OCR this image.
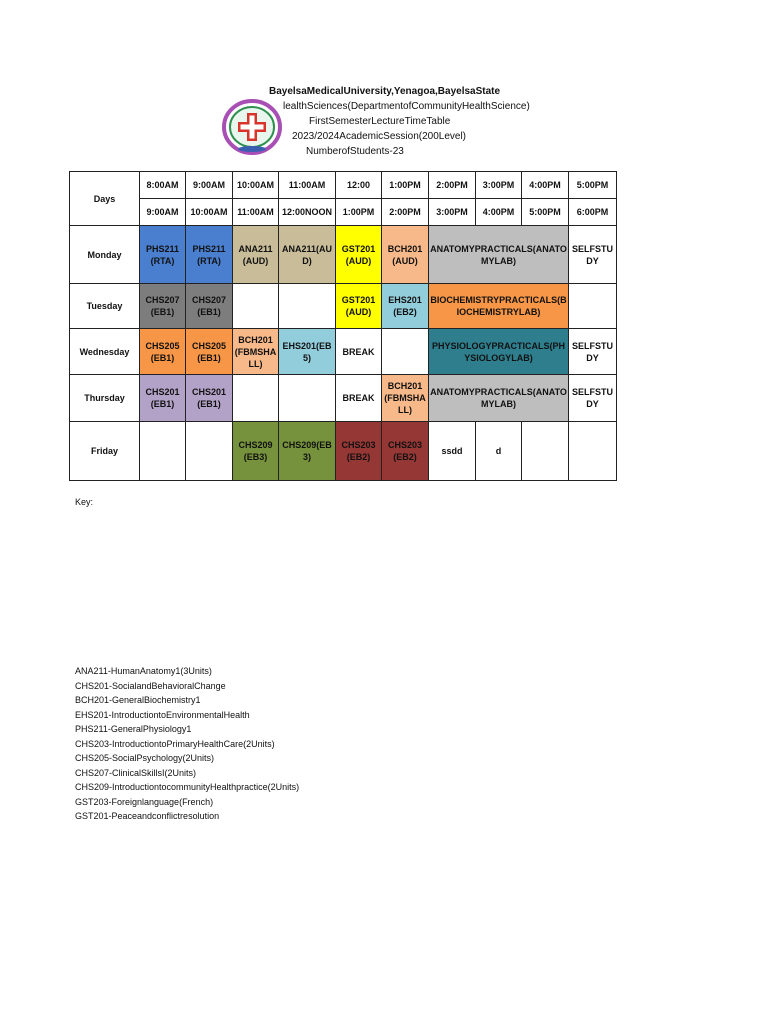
BayelsaMedicalUniversity,Yenagoa,BayelsaState
lealthSciences(DepartmentofCommunityHealthScience)
FirstSemesterLectureTimeTable
2023/2024AcademicSession(200Level)
NumberofStudents-23
Days	8:00AM	9:00AM	10:00AM	11:00AM	12:00	1:00PM	2:00PM	3:00PM	4:00PM	5:00PM
	9:00AM	10:00AM	11:00AM	12:00NOON	1:00PM	2:00PM	3:00PM	4:00PM	5:00PM	6:00PM
Monday	PHS211 (RTA)	PHS211 (RTA)	ANA211(AUD)	ANA211(AUD)	GST201 (AUD)	BCH201 (AUD)	ANATOMYPRACTICALS(ANATOMYLAB)			SELFSTUDY
Tuesday	CHS207 (EB1)	CHS207 (EB1)			GST201 (AUD)	EHS201 (EB2)	BIOCHEMISTRYPRACTICALS(BIOCHEMISTRYLAB)			
Wednesday	CHS205 (EB1)	CHS205 (EB1)	BCH201 (FBMSHALL)	EHS201(EB5)	BREAK		PHYSIOLOGYPRACTICALS(PHYSIOLOGYLAB)			SELFSTUDY
Thursday	CHS201 (EB1)	CHS201 (EB1)			BREAK	BCH201 (FBMSHALL)	ANATOMYPRACTICALS(ANATOMYLAB)			SELFSTUDY
Friday			CHS209 (EB3)	CHS209(EB3)	CHS203 (EB2)	CHS203 (EB2)	ssdd	d		
Key:
ANA211-HumanAnatomy1(3Units)
CHS201-SocialandBehavioralChange
BCH201-GeneralBiochemistry1
EHS201-IntroductiontoEnvironmentalHealth
PHS211-GeneralPhysiology1
CHS203-IntroductiontoPrimaryHealthCare(2Units)
CHS205-SocialPsychology(2Units)
CHS207-ClinicalSkillsI(2Units)
CHS209-IntroductiontocommunityHealthpractice(2Units)
GST203-Foreignlanguage(French)
GST201-Peaceandconflictresolution
